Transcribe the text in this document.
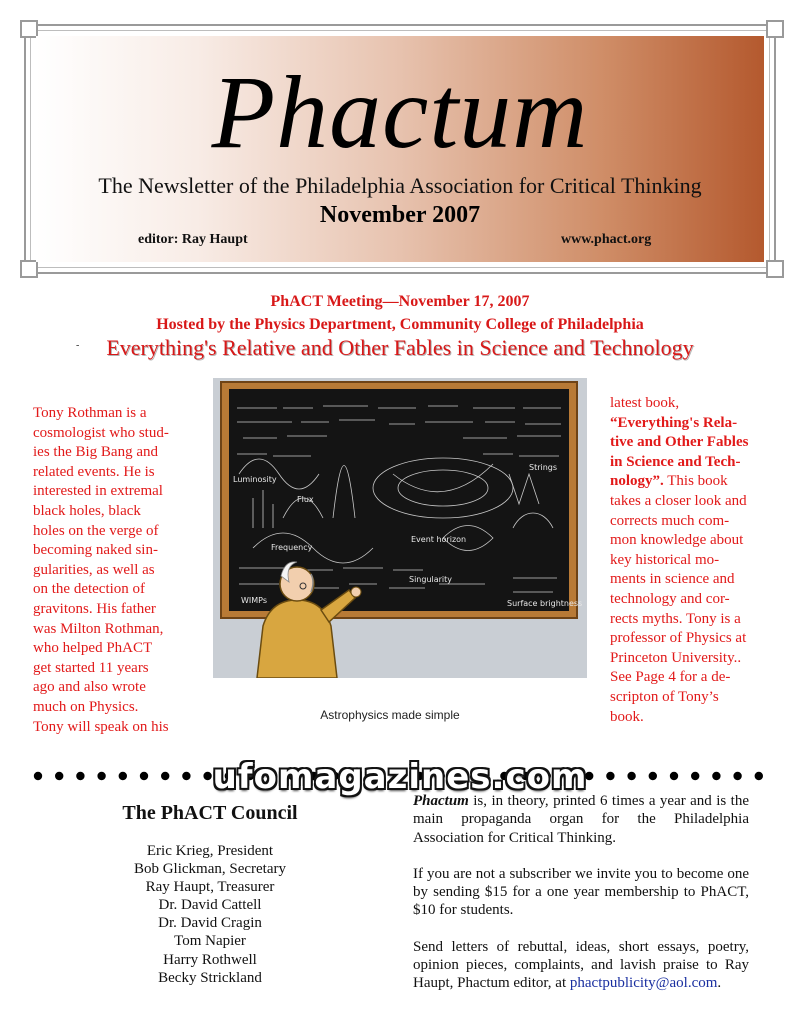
Phactum
The Newsletter of the Philadelphia Association for Critical Thinking
November 2007
editor: Ray Haupt	www.phact.org
PhACT Meeting—November 17, 2007
Hosted by the Physics Department, Community College of Philadelphia
-	Everything's Relative and Other Fables in Science and Technology
Tony Rothman is a
cosmologist who stud-
ies the Big Bang and
related events. He is
interested in extremal
black holes, black
holes on the verge of
becoming naked sin-
gularities, as well as
on the detection of
gravitons. His father
was Milton Rothman,
who helped PhACT
get started 11 years
ago and also wrote
much on Physics.
Tony will speak on his
latest book,
“Everything's Rela-
tive and Other Fables
in Science and Tech-
nology”. This book
takes a closer look and
corrects much com-
mon knowledge about
key historical mo-
ments in science and
technology and cor-
rects myths. Tony is a
professor of Physics at
Princeton University..
See Page 4 for a de-
scripton of Tony’s
book.
Flux
Frequency
Event horizon
Singularity
Strings
Luminosity
WIMPs	Surface brightness
Astrophysics made simple
ufomagazines.com
The PhACT Council
Eric Krieg, President
Bob Glickman, Secretary
Ray Haupt, Treasurer
Dr. David Cattell
Dr. David Cragin
Tom Napier
Harry Rothwell
Becky Strickland

Phactum is, in theory, printed 6 times a year and is the main propaganda organ for the Philadelphia Association for Critical Thinking.

If you are not a subscriber we invite you to become one by sending $15 for a one year membership to PhACT, $10 for students.

Send letters of rebuttal, ideas, short essays, poetry, opinion pieces, complaints, and lavish praise to Ray Haupt, Phactum editor, at phactpublicity@aol.com.
